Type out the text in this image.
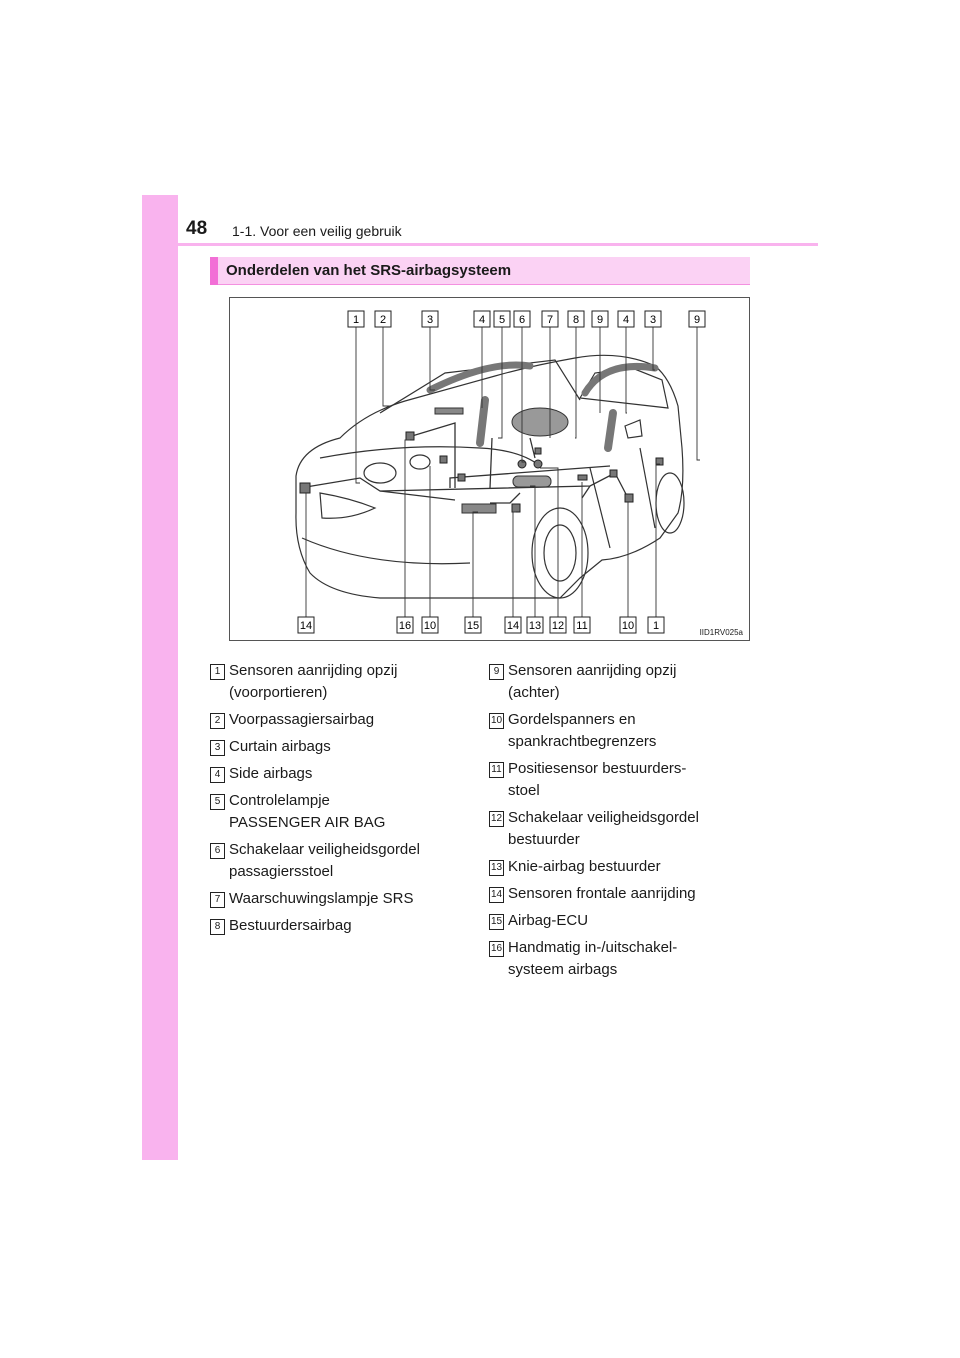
48 1-1. Voor een veilig gebruik
Onderdelen van het SRS-airbagsysteem
1 2	3	4 5 6 7 8 9 4 3	9
14	16 10	15	14 13 12 11	10 1
IID1RV025a
1 Sensoren aanrijding opzij
(voorportieren)
2 Voorpassagiersairbag
3 Curtain airbags
4 Side airbags
5 Controlelampje
PASSENGER AIR BAG
6 Schakelaar veiligheidsgordel
passagiersstoel
7 Waarschuwingslampje SRS
8 Bestuurdersairbag
9 Sensoren aanrijding opzij
(achter)
10 Gordelspanners en
spankrachtbegrenzers
11 Positiesensor bestuurders-
stoel
12 Schakelaar veiligheidsgordel
bestuurder
13 Knie-airbag bestuurder
14 Sensoren frontale aanrijding
15 Airbag-ECU
16 Handmatig in-/uitschakel-
systeem airbags
